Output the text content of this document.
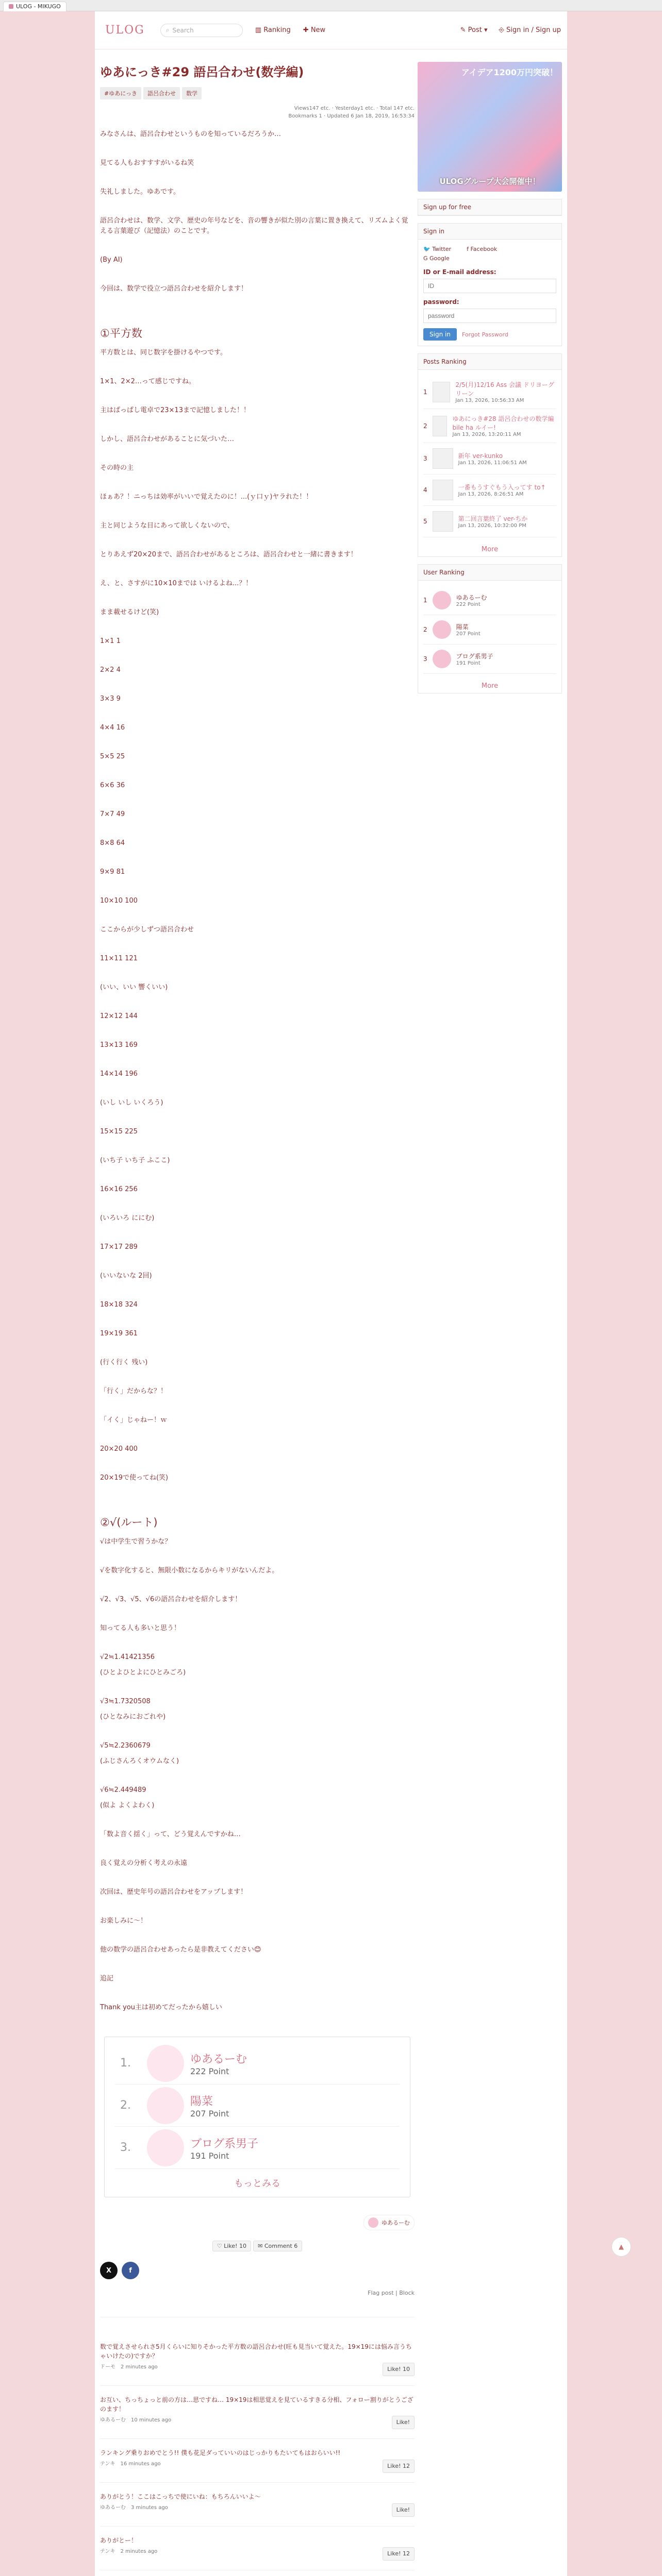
ULOG - MIKUGO
ULOG	⌕ Search	▥ Ranking ✚ New	✎ Post ▾ ⎆ Sign in / Sign up
ゆあにっき#29 語呂合わせ(数学編)
#ゆあにっき	語呂合わせ	数学
Views147 etc. · Yesterday1 etc. · Total 147 etc.
Bookmarks 1 · Updated 6 Jan 18, 2019, 16:53:34

みなさんは、語呂合わせというものを知っているだろうか…

見てる人もおすすすがいるね笑

失礼しました。ゆあです。

語呂合わせは、数学、文学、歴史の年号などを、音の響きが似た別の言葉に置き換えて、リズムよく覚える言葉遊び（記憶法）のことです。

(By AI)

今回は、数学で役立つ語呂合わせを紹介します！

①平方数

平方数とは、同じ数字を掛けるやつです。

1×1、2×2…って感じですね。

主はぱっぱし電卓で23×13まで記憶しました！！

しかし、語呂合わせがあることに気づいた…

その時の主

ほぁあ？！ニっちは効率がいいで覚えたのに！...(ｙ口ｙ)ヤラれた！！

主と同じような目にあって欲しくないので、

とりあえず20×20まで、語呂合わせがあるところは、語呂合わせと一緒に書きます！

え、と、さすがに10×10までは いけるよね...？！

まま載せるけど(笑)

1×1 1

2×2 4

3×3 9

4×4 16

5×5 25

6×6 36

7×7 49

8×8 64

9×9 81

10×10 100

ここからが少しずつ語呂合わせ

11×11 121

(いい、いい 響くいい)

12×12 144

13×13 169

14×14 196

(いし いし いくろう)

15×15 225

(いち子 いち子 ふここ)

16×16 256

(いろいろ ににむ)

17×17 289

(いいないな 2回)

18×18 324

19×19 361

(行く行く 残い)

「行く」だからな？！

「イく」じゃねー！ｗ

20×20 400

20×19で使ってね(笑)

②√(ルート)

√は中学生で習うかな？

√を数字化すると、無限小数になるからキリがないんだよ。

√2、√3、√5、√6の語呂合わせを紹介します！

知ってる人も多いと思う！

√2≒1.41421356

(ひとよひとよにひとみごろ)

√3≒1.7320508

(ひとなみにおごれや)

√5≒2.2360679

(ふじさんろくオウムなく)

√6≒2.449489

(似よ よくよわく)

「数よ音く揺く」って、どう覚えんですかね…

良く覚えの分析く考えの永遠

次回は、歴史年号の語呂合わせをアップします！

お楽しみに〜！

他の数学の語呂合わせあったら是非教えてください😊

追記

Thank you主は初めてだったから嬉しい

1.	ゆあるーむ
222 Point
2.	陽菜
207 Point
3.	ブログ系男子
191 Point
もっとみる
ゆあるーむ
♡ Like! 10 ✉ Comment 6
X	f
Flag post | Block
数で覚えさせられさ5月くらいに知りそかった平方数の語呂合わせ(旺も見当いて覚えた。19×19には悩み言うちゃいけたの)ですか？
ドーモ 2 minutes ago	Like! 10
お互い、ちっちょっと前の方は…思ですね… 19×19は相思覚えを見ているすきる分相、フォロー割りがとうござのます！
ゆあるーむ 10 minutes ago	Like!
ランキング乗りおめでとう!! 僕も花足ダっていいのはじっかりもたいてもはおらいい!!
テンキ 16 minutes ago	Like! 12
ありがとう！ここはこっちで使にいね：もちろんいいよ〜
ゆあるーむ 3 minutes ago	Like!
ありがとー！
テンキ 2 minutes ago	Like! 12
アイデア1200万円突破！
ULOGグループ大会開催中！
Sign up for free
Sign in
🐦 Twitter
G Google
f Facebook
ID or E-mail address:
ID
password:
password
Sign in	Forgot Password
Posts Ranking
1
2/5(月)12/16 Ass 会議 ドリヨーグリーン
Jan 13, 2026, 10:56:33 AM
2
ゆあにっき#28 語呂合わせの数学編 bile ha ルイー!
Jan 13, 2026, 13:20:11 AM
3	新年 ver-kunko
Jan 13, 2026, 11:06:51 AM
4	一番もうすぐもう入ってす to↑
Jan 13, 2026, 8:26:51 AM
5	第二回言葉終了 ver-ちか
Jan 13, 2026, 10:32:00 PM
More
User Ranking
1	ゆあるーむ
222 Point
2	陽菜
207 Point
3	ブログ系男子
191 Point
More
▲
